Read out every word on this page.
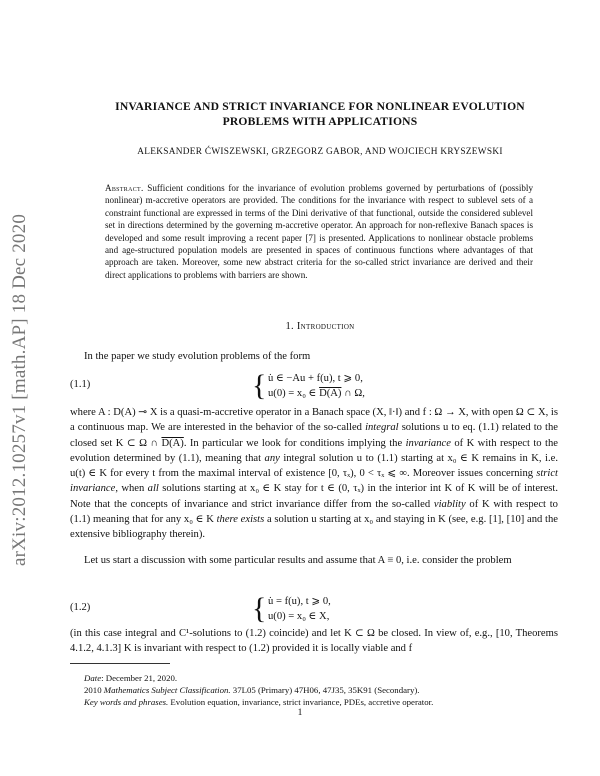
arXiv:2012.10257v1 [math.AP] 18 Dec 2020
INVARIANCE AND STRICT INVARIANCE FOR NONLINEAR EVOLUTION
PROBLEMS WITH APPLICATIONS
ALEKSANDER ĆWISZEWSKI, GRZEGORZ GABOR, AND WOJCIECH KRYSZEWSKI
Abstract. Sufficient conditions for the invariance of evolution problems governed by perturbations of (possibly nonlinear) m-accretive operators are provided. The conditions for the invariance with respect to sublevel sets of a constraint functional are expressed in terms of the Dini derivative of that functional, outside the considered sublevel set in directions determined by the governing m-accretive operator. An approach for non-reflexive Banach spaces is developed and some result improving a recent paper [7] is presented. Applications to nonlinear obstacle problems and age-structured population models are presented in spaces of continuous functions where advantages of that approach are taken. Moreover, some new abstract criteria for the so-called strict invariance are derived and their direct applications to problems with barriers are shown.
1. Introduction
In the paper we study evolution problems of the form
(1.1)	{ u̇ ∈ −Au + f(u), t ⩾ 0,
u(0) = x₀ ∈ D(A) ∩ Ω,
where A : D(A) ⊸ X is a quasi-m-accretive operator in a Banach space (X, ‖·‖) and f : Ω → X, with open Ω ⊂ X, is a continuous map. We are interested in the behavior of the so-called integral solutions u to eq. (1.1) related to the closed set K ⊂ Ω ∩ D(A). In particular we look for conditions implying the invariance of K with respect to the evolution determined by (1.1), meaning that any integral solution u to (1.1) starting at x₀ ∈ K remains in K, i.e. u(t) ∈ K for every t from the maximal interval of existence [0, τₓ), 0 < τₓ ⩽ ∞. Moreover issues concerning strict invariance, when all solutions starting at x₀ ∈ K stay for t ∈ (0, τₓ) in the interior int K of K will be of interest. Note that the concepts of invariance and strict invariance differ from the so-called viablity of K with respect to (1.1) meaning that for any x₀ ∈ K there exists a solution u starting at x₀ and staying in K (see, e.g. [1], [10] and the extensive bibliography therein).
Let us start a discussion with some particular results and assume that A ≡ 0, i.e. consider the problem
(1.2)	{ u̇ = f(u), t ⩾ 0,
u(0) = x₀ ∈ X,
(in this case integral and C¹-solutions to (1.2) coincide) and let K ⊂ Ω be closed. In view of, e.g., [10, Theorems 4.1.2, 4.1.3] K is invariant with respect to (1.2) provided it is locally viable and f
Date: December 21, 2020.
2010 Mathematics Subject Classification. 37L05 (Primary) 47H06, 47J35, 35K91 (Secondary).
Key words and phrases. Evolution equation, invariance, strict invariance, PDEs, accretive operator.
1
